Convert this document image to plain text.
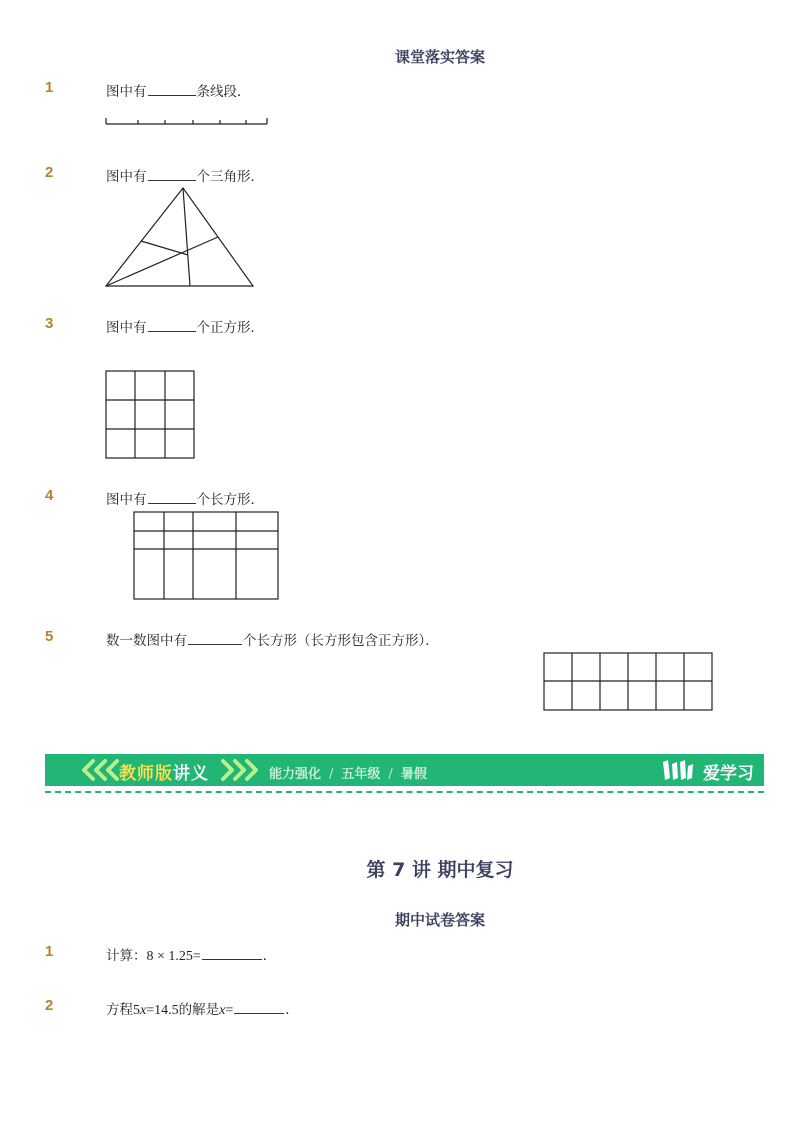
课堂落实答案
1	图中有	条线段．
2	图中有	个三角形．
3	图中有	个正方形．
4	图中有	个长方形．
5	数一数图中有	个长方形（长方形包含正方形）．
教师版讲义	能力强化 / 五年级 / 暑假	爱学习
第 7 讲 期中复习
期中试卷答案
1	计算：8 × 1.25=	．
2	方程5x=14.5的解是x=	．
